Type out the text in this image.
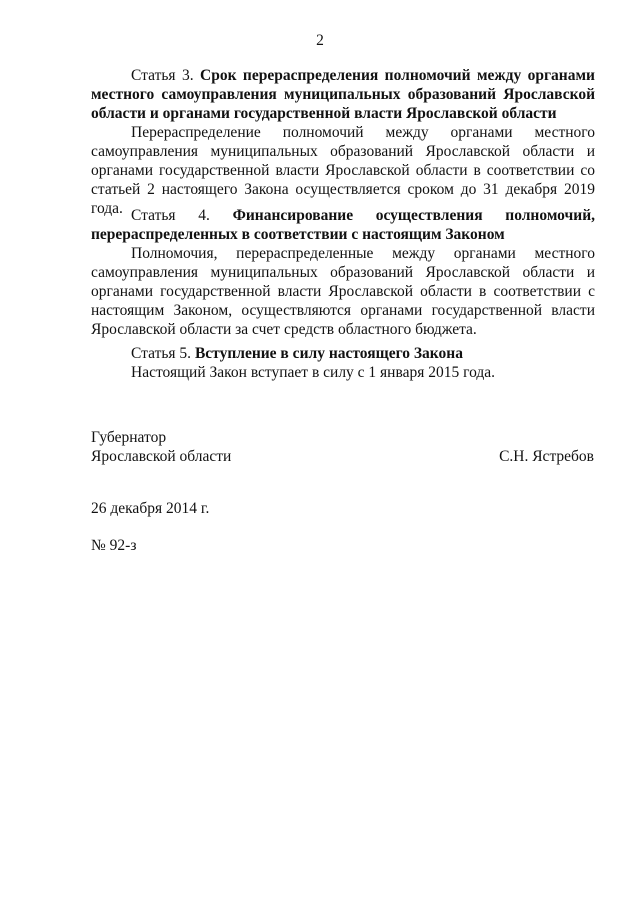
2

Статья 3. Срок перераспределения полномочий между органами местного самоуправления муниципальных образований Ярославской области и органами государственной власти Ярославской области

Перераспределение полномочий между органами местного самоуправления муниципальных образований Ярославской области и органами государственной власти Ярославской области в соответствии со статьей 2 настоящего Закона осуществляется сроком до 31 декабря 2019 года. Статья 4. Финансирование осуществления полномочий, перераспределенных в соответствии с настоящим Законом

Полномочия, перераспределенные между органами местного самоуправления муниципальных образований Ярославской области и органами государственной власти Ярославской области в соответствии с настоящим Законом, осуществляются органами государственной власти Ярославской области за счет средств областного бюджета.

Статья 5. Вступление в силу настоящего Закона

Настоящий Закон вступает в силу с 1 января 2015 года.

Губернатор
Ярославской области	С.Н. Ястребов
26 декабря 2014 г.
№ 92-з
